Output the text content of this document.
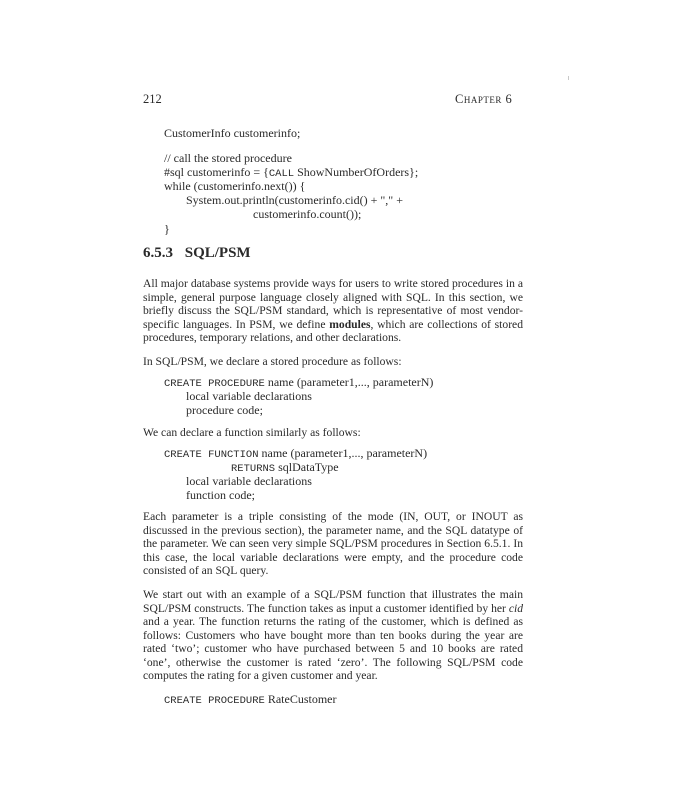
212	Chapter 6
CustomerInfo customerinfo;
// call the stored procedure
#sql customerinfo = {CALL ShowNumberOfOrders};
while (customerinfo.next()) {
System.out.println(customerinfo.cid() + "," +
customerinfo.count());
}
6.5.3 SQL/PSM
All major database systems provide ways for users to write stored procedures in a simple, general purpose language closely aligned with SQL. In this section, we briefly discuss the SQL/PSM standard, which is representative of most vendor-specific languages. In PSM, we define modules, which are collections of stored procedures, temporary relations, and other declarations.
In SQL/PSM, we declare a stored procedure as follows:
CREATE PROCEDURE name (parameter1,..., parameterN)
local variable declarations
procedure code;
We can declare a function similarly as follows:
CREATE FUNCTION name (parameter1,..., parameterN)
RETURNS sqlDataType
local variable declarations
function code;
Each parameter is a triple consisting of the mode (IN, OUT, or INOUT as discussed in the previous section), the parameter name, and the SQL datatype of the parameter. We can seen very simple SQL/PSM procedures in Section 6.5.1. In this case, the local variable declarations were empty, and the procedure code consisted of an SQL query.
We start out with an example of a SQL/PSM function that illustrates the main SQL/PSM constructs. The function takes as input a customer identified by her cid and a year. The function returns the rating of the customer, which is defined as follows: Customers who have bought more than ten books during the year are rated ‘two’; customer who have purchased between 5 and 10 books are rated ‘one’, otherwise the customer is rated ‘zero’. The following SQL/PSM code computes the rating for a given customer and year.
CREATE PROCEDURE RateCustomer
